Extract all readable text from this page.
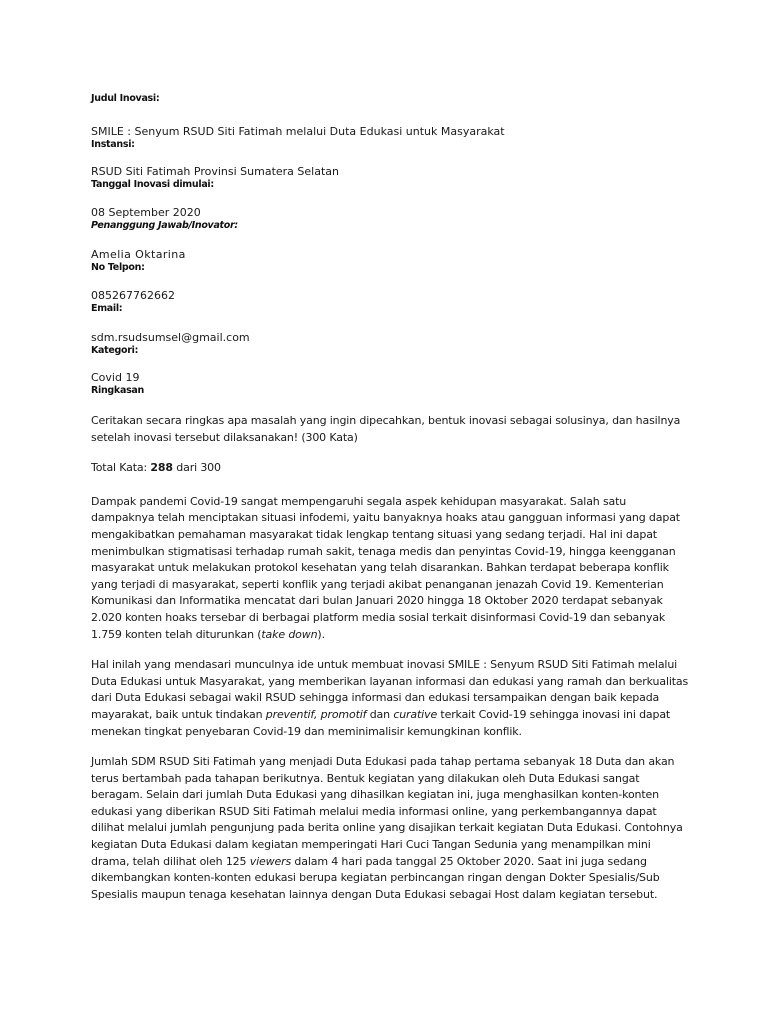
Judul Inovasi:

SMILE : Senyum RSUD Siti Fatimah melalui Duta Edukasi untuk Masyarakat

Instansi:

RSUD Siti Fatimah Provinsi Sumatera Selatan

Tanggal Inovasi dimulai:

08 September 2020

Penanggung Jawab/Inovator:

Amelia Oktarina

No Telpon:

085267762662

Email:

sdm.rsudsumsel@gmail.com

Kategori:

Covid 19

Ringkasan

Ceritakan secara ringkas apa masalah yang ingin dipecahkan, bentuk inovasi sebagai solusinya, dan hasilnya setelah inovasi tersebut dilaksanakan! (300 Kata)

Total Kata: 288 dari 300

Dampak pandemi Covid-19 sangat mempengaruhi segala aspek kehidupan masyarakat. Salah satu dampaknya telah menciptakan situasi infodemi, yaitu banyaknya hoaks atau gangguan informasi yang dapat mengakibatkan pemahaman masyarakat tidak lengkap tentang situasi yang sedang terjadi. Hal ini dapat menimbulkan stigmatisasi terhadap rumah sakit, tenaga medis dan penyintas Covid-19, hingga keengganan masyarakat untuk melakukan protokol kesehatan yang telah disarankan. Bahkan terdapat beberapa konflik yang terjadi di masyarakat, seperti konflik yang terjadi akibat penanganan jenazah Covid 19. Kementerian Komunikasi dan Informatika mencatat dari bulan Januari 2020 hingga 18 Oktober 2020 terdapat sebanyak 2.020 konten hoaks tersebar di berbagai platform media sosial terkait disinformasi Covid-19 dan sebanyak 1.759 konten telah diturunkan (take down).

Hal inilah yang mendasari munculnya ide untuk membuat inovasi SMILE : Senyum RSUD Siti Fatimah melalui Duta Edukasi untuk Masyarakat, yang memberikan layanan informasi dan edukasi yang ramah dan berkualitas dari Duta Edukasi sebagai wakil RSUD sehingga informasi dan edukasi tersampaikan dengan baik kepada mayarakat, baik untuk tindakan preventif, promotif dan curative terkait Covid-19 sehingga inovasi ini dapat menekan tingkat penyebaran Covid-19 dan meminimalisir kemungkinan konflik.

Jumlah SDM RSUD Siti Fatimah yang menjadi Duta Edukasi pada tahap pertama sebanyak 18 Duta dan akan terus bertambah pada tahapan berikutnya. Bentuk kegiatan yang dilakukan oleh Duta Edukasi sangat beragam. Selain dari jumlah Duta Edukasi yang dihasilkan kegiatan ini, juga menghasilkan konten-konten edukasi yang diberikan RSUD Siti Fatimah melalui media informasi online, yang perkembangannya dapat dilihat melalui jumlah pengunjung pada berita online yang disajikan terkait kegiatan Duta Edukasi. Contohnya kegiatan Duta Edukasi dalam kegiatan memperingati Hari Cuci Tangan Sedunia yang menampilkan mini drama, telah dilihat oleh 125 viewers dalam 4 hari pada tanggal 25 Oktober 2020. Saat ini juga sedang dikembangkan konten-konten edukasi berupa kegiatan perbincangan ringan dengan Dokter Spesialis/Sub Spesialis maupun tenaga kesehatan lainnya dengan Duta Edukasi sebagai Host dalam kegiatan tersebut.
